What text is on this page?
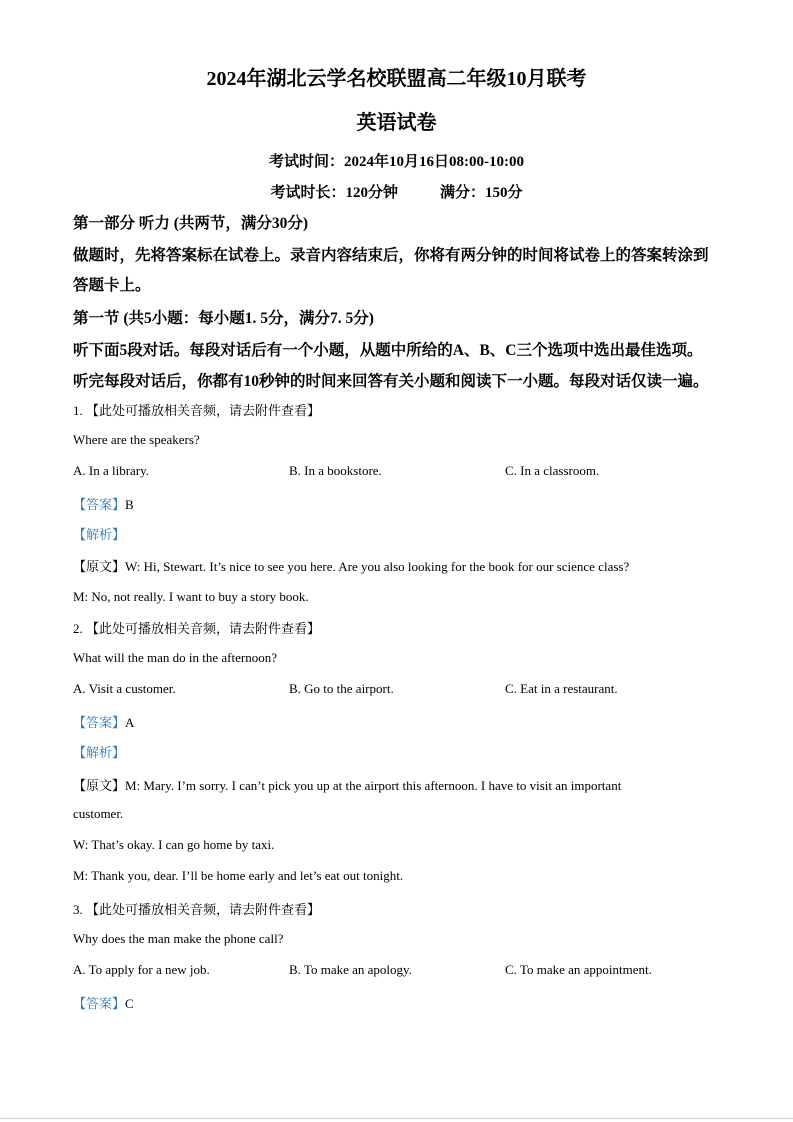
2024年湖北云学名校联盟高二年级10月联考
英语试卷
考试时间：2024年10月16日08:00-10:00
考试时长：120分钟	满分：150分
第一部分 听力 (共两节，满分30分)
做题时，先将答案标在试卷上。录音内容结束后，你将有两分钟的时间将试卷上的答案转涂到
答题卡上。
第一节 (共5小题：每小题1. 5分，满分7. 5分)
听下面5段对话。每段对话后有一个小题，从题中所给的A、B、C三个选项中选出最佳选项。
听完每段对话后，你都有10秒钟的时间来回答有关小题和阅读下一小题。每段对话仅读一遍。
1. 【此处可播放相关音频，请去附件查看】
Where are the speakers?
A. In a library.	B. In a bookstore.	C. In a classroom.
【答案】B
【解析】
【原文】W: Hi, Stewart. It’s nice to see you here. Are you also looking for the book for our science class?
M: No, not really. I want to buy a story book.
2. 【此处可播放相关音频，请去附件查看】
What will the man do in the afternoon?
A. Visit a customer.	B. Go to the airport.	C. Eat in a restaurant.
【答案】A
【解析】
【原文】M: Mary. I’m sorry. I can’t pick you up at the airport this afternoon. I have to visit an important
customer.
W: That’s okay. I can go home by taxi.
M: Thank you, dear. I’ll be home early and let’s eat out tonight.
3. 【此处可播放相关音频，请去附件查看】
Why does the man make the phone call?
A. To apply for a new job.	B. To make an apology.	C. To make an appointment.
【答案】C
